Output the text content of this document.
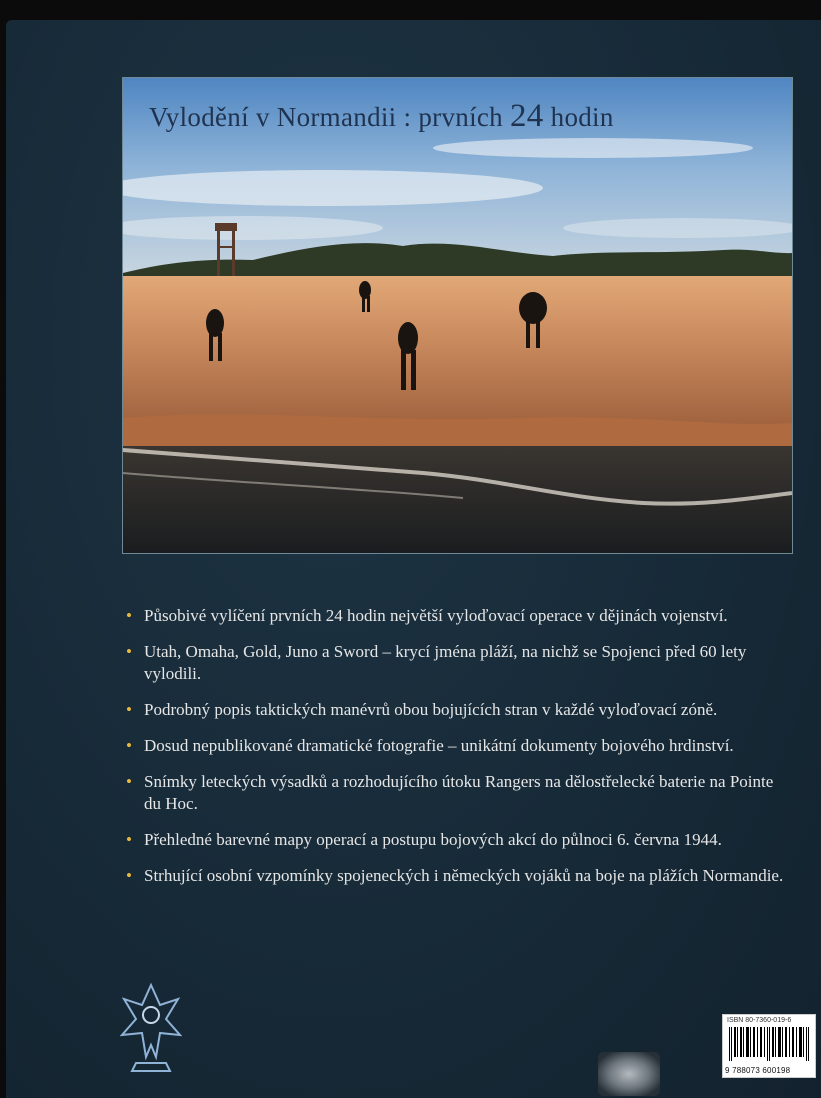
Vylodění v Normandii : prvních 24 hodin
• Působivé vylíčení prvních 24 hodin největší vyloďovací operace v dějinách vojenství.
• Utah, Omaha, Gold, Juno a Sword – krycí jména pláží, na nichž se Spojenci před 60 lety vylodili.
• Podrobný popis taktických manévrů obou bojujících stran v každé vyloďovací zóně.
• Dosud nepublikované dramatické fotografie – unikátní dokumenty bojového hrdinství.
• Snímky leteckých výsadků a rozhodujícího útoku Rangers na dělostřelecké baterie na Pointe du Hoc.
• Přehledné barevné mapy operací a postupu bojových akcí do půlnoci 6. června 1944.
• Strhující osobní vzpomínky spojeneckých i německých vojáků na boje na plážích Normandie.
ISBN 80-7360-019-6
9 788073 600198
